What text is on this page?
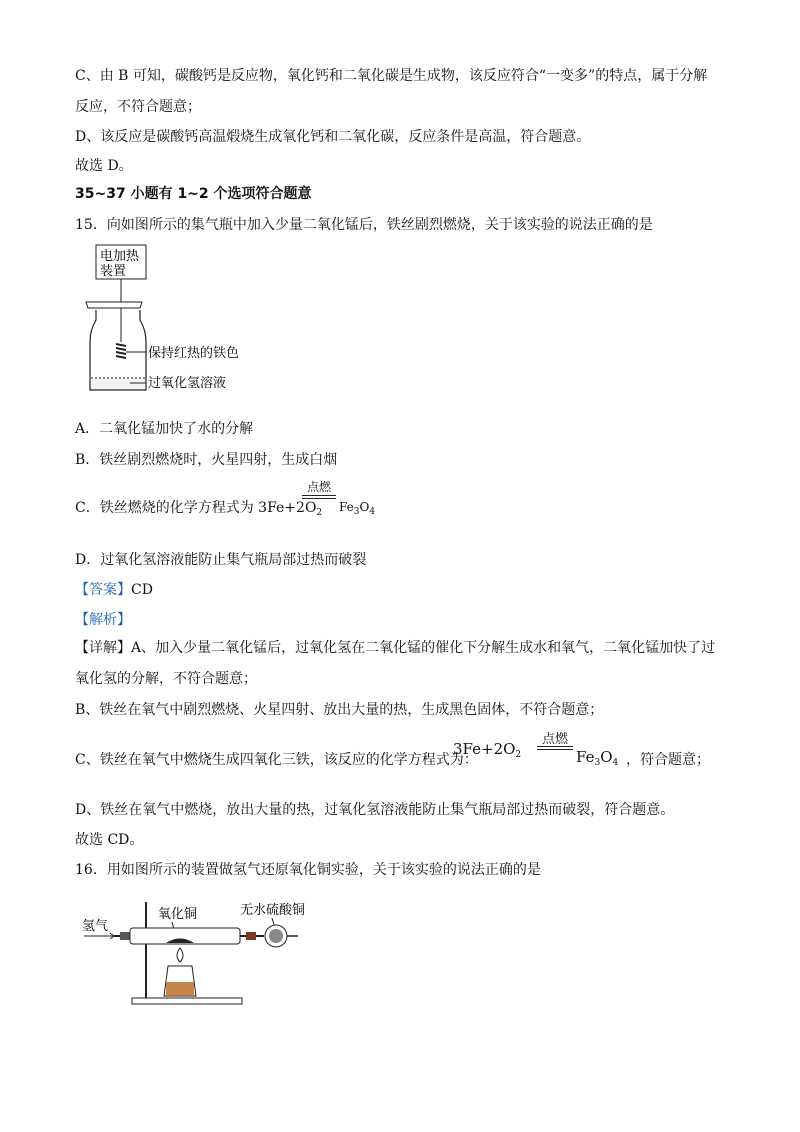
C、由 B 可知，碳酸钙是反应物，氧化钙和二氧化碳是生成物，该反应符合“一变多”的特点，属于分解
反应，不符合题意；
D、该反应是碳酸钙高温煅烧生成氧化钙和二氧化碳，反应条件是高温，符合题意。
故选 D。
35~37 小题有 1~2 个选项符合题意
15．向如图所示的集气瓶中加入少量二氧化锰后，铁丝剧烈燃烧，关于该实验的说法正确的是
电加热
装置
保持红热的铁色
过氧化氢溶液
A．二氧化锰加快了水的分解
B．铁丝剧烈燃烧时，火星四射，生成白烟
C．铁丝燃烧的化学方程式为 $3Fe+2O_2$
点燃
$Fe_3O_4$
D．过氧化氢溶液能防止集气瓶局部过热而破裂
【答案】CD
【解析】
【详解】A、加入少量二氧化锰后，过氧化氢在二氧化锰的催化下分解生成水和氧气，二氧化锰加快了过
氧化氢的分解，不符合题意；
B、铁丝在氧气中剧烈燃烧、火星四射、放出大量的热，生成黑色固体，不符合题意；
C、铁丝在氧气中燃烧生成四氧化三铁，该反应的化学方程式为：
$3Fe+2O_2$
点燃
$Fe_3O_4$ ，符合题意；
D、铁丝在氧气中燃烧，放出大量的热，过氧化氢溶液能防止集气瓶局部过热而破裂，符合题意。
故选 CD。
16．用如图所示的装置做氢气还原氧化铜实验，关于该实验的说法正确的是
氢气
氧化铜	无水硫酸铜
